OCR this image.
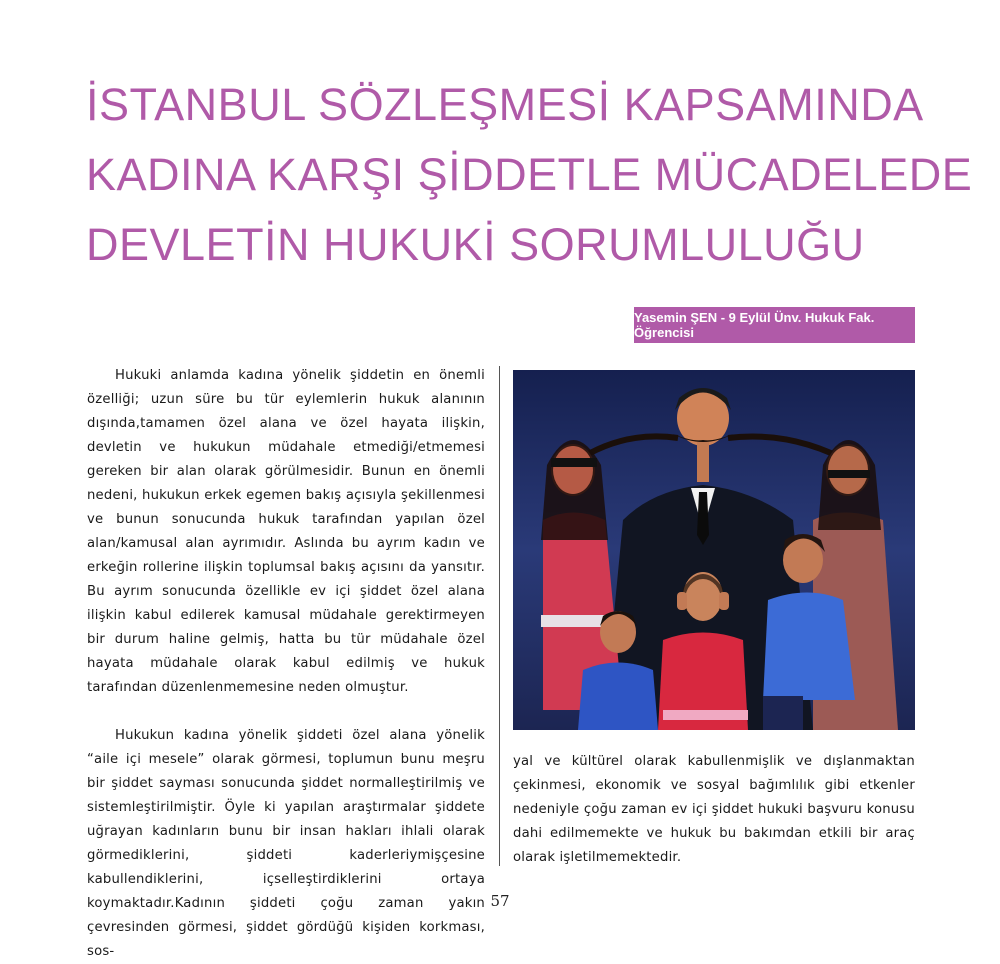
İSTANBUL SÖZLEŞMESİ KAPSAMINDA
KADINA KARŞI ŞİDDETLE MÜCADELEDE
DEVLETİN HUKUKİ SORUMLULUĞU
Yasemin ŞEN - 9 Eylül Ünv. Hukuk Fak. Öğrencisi

Hukuki anlamda kadına yönelik şiddetin en önemli özelliği; uzun süre bu tür eylemlerin hukuk alanının dışında,tamamen özel alana ve özel hayata ilişkin, devletin ve hukukun müdahale etmediği/etmemesi gereken bir alan olarak görülmesidir. Bunun en önemli nedeni, hukukun erkek egemen bakış açısıyla şekillenmesi ve bunun sonucunda hukuk tarafından yapılan özel alan/kamusal alan ayrımıdır. Aslında bu ayrım kadın ve erkeğin rollerine ilişkin toplumsal bakış açısını da yansıtır. Bu ayrım sonucunda özellikle ev içi şiddet özel alana ilişkin kabul edilerek kamusal müdahale gerektirmeyen bir durum haline gelmiş, hatta bu tür müdahale özel hayata müdahale olarak kabul edilmiş ve hukuk tarafından düzenlenmemesine neden olmuştur.

Hukukun kadına yönelik şiddeti özel alana yönelik “aile içi mesele” olarak görmesi, toplumun bunu meşru bir şiddet sayması sonucunda şiddet normalleştirilmiş ve sistemleştirilmiştir. Öyle ki yapılan araştırmalar şiddete uğrayan kadınların bunu bir insan hakları ihlali olarak görmediklerini, şiddeti kaderleriymişçesine kabullendiklerini, içselleştirdiklerini ortaya koymaktadır.Kadının şiddeti çoğu zaman yakın çevresinden görmesi, şiddet gördüğü kişiden korkması, sos-

yal ve kültürel olarak kabullenmişlik ve dışlanmaktan çekinmesi, ekonomik ve sosyal bağımlılık gibi etkenler nedeniyle çoğu zaman ev içi şiddet hukuki başvuru konusu dahi edilmemekte ve hukuk bu bakımdan etkili bir araç olarak işletilmemektedir.

57
